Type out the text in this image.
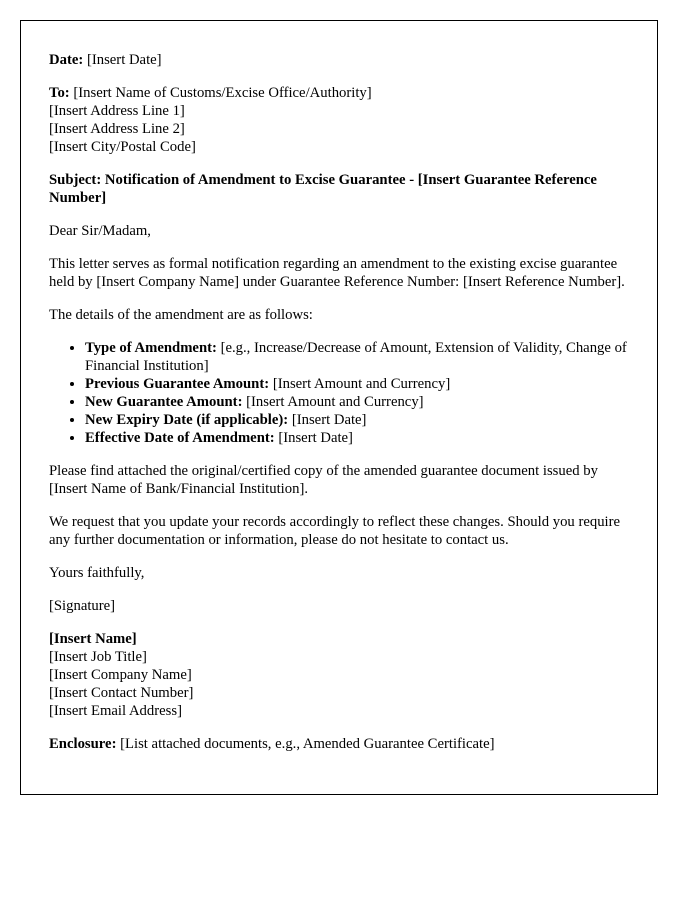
Date: [Insert Date]

To: [Insert Name of Customs/Excise Office/Authority]
[Insert Address Line 1]
[Insert Address Line 2]
[Insert City/Postal Code]

Subject: Notification of Amendment to Excise Guarantee - [Insert Guarantee Reference Number]

Dear Sir/Madam,

This letter serves as formal notification regarding an amendment to the existing excise guarantee held by [Insert Company Name] under Guarantee Reference Number: [Insert Reference Number].

The details of the amendment are as follows:

• Type of Amendment: [e.g., Increase/Decrease of Amount, Extension of Validity, Change of Financial Institution]
• Previous Guarantee Amount: [Insert Amount and Currency]
• New Guarantee Amount: [Insert Amount and Currency]
• New Expiry Date (if applicable): [Insert Date]
• Effective Date of Amendment: [Insert Date]

Please find attached the original/certified copy of the amended guarantee document issued by [Insert Name of Bank/Financial Institution].

We request that you update your records accordingly to reflect these changes. Should you require any further documentation or information, please do not hesitate to contact us.

Yours faithfully,

[Signature]

[Insert Name]
[Insert Job Title]
[Insert Company Name]
[Insert Contact Number]
[Insert Email Address]

Enclosure: [List attached documents, e.g., Amended Guarantee Certificate]
